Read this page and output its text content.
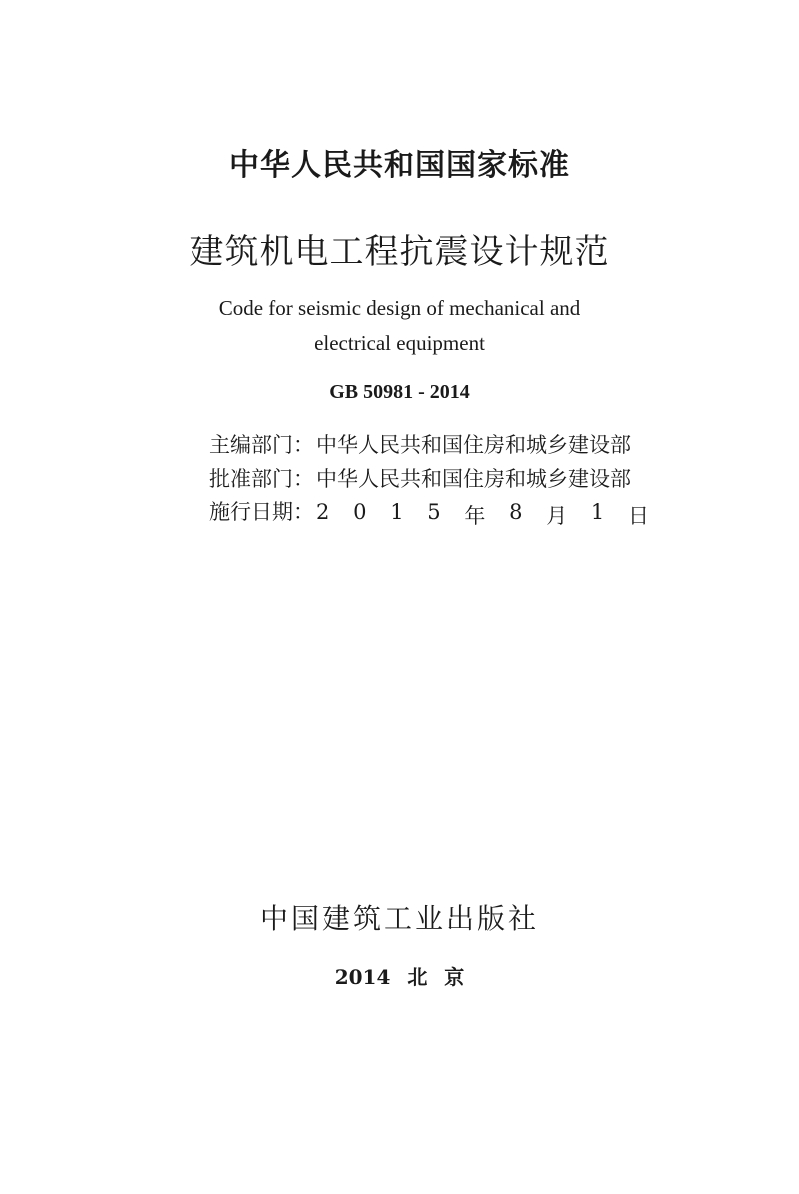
中华人民共和国国家标准
建筑机电工程抗震设计规范
Code for seismic design of mechanical and
electrical equipment
GB 50981 - 2014
主编部门： 中华人民共和国住房和城乡建设部
批准部门： 中华人民共和国住房和城乡建设部
施行日期： 2 0 1 5 年 8 月 1 日
中国建筑工业出版社
2014 北 京
